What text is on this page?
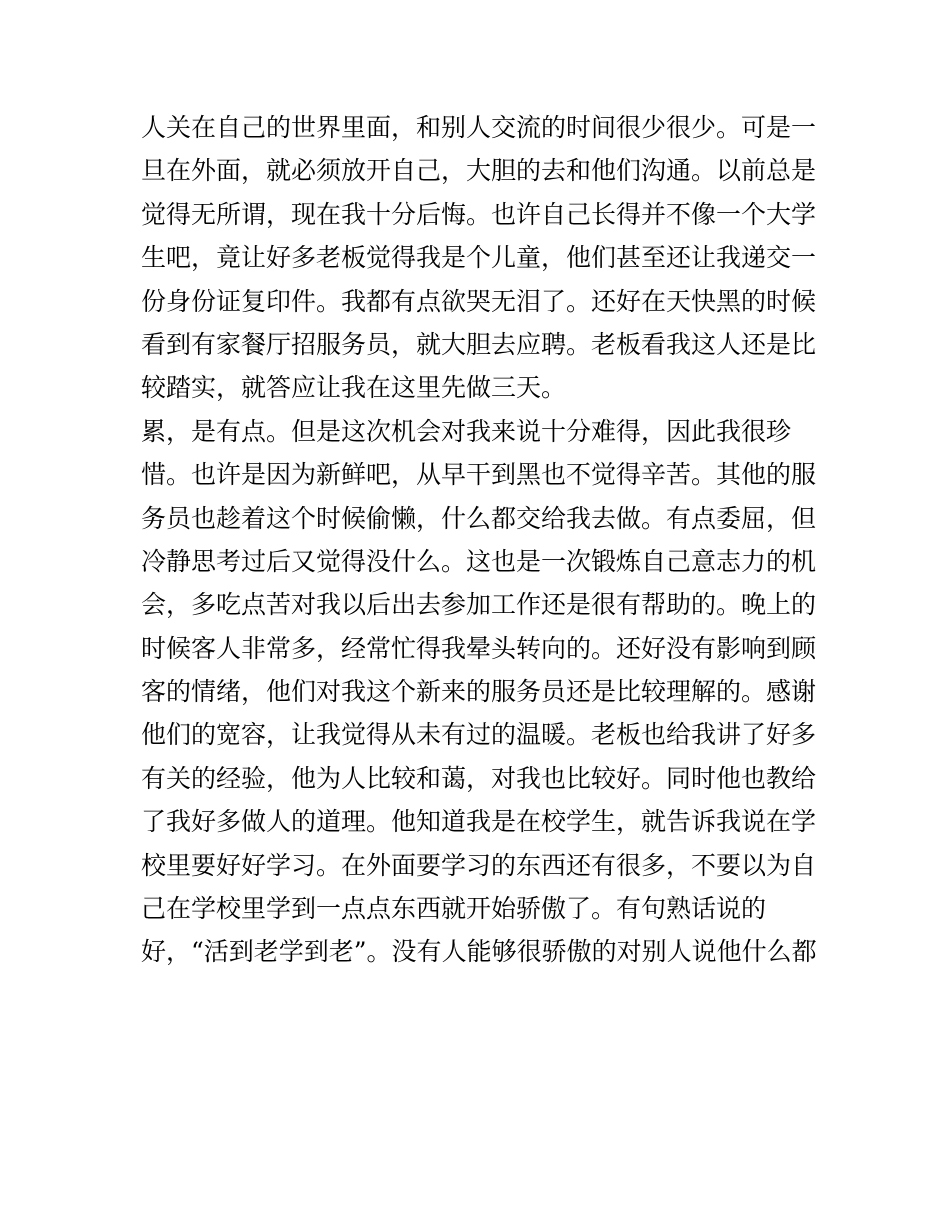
人关在自己的世界里面，和别人交流的时间很少很少。可是一
旦在外面，就必须放开自己，大胆的去和他们沟通。以前总是
觉得无所谓，现在我十分后悔。也许自己长得并不像一个大学
生吧，竟让好多老板觉得我是个儿童，他们甚至还让我递交一
份身份证复印件。我都有点欲哭无泪了。还好在天快黑的时候
看到有家餐厅招服务员，就大胆去应聘。老板看我这人还是比
较踏实，就答应让我在这里先做三天。
累，是有点。但是这次机会对我来说十分难得，因此我很珍
惜。也许是因为新鲜吧，从早干到黑也不觉得辛苦。其他的服
务员也趁着这个时候偷懒，什么都交给我去做。有点委屈，但
冷静思考过后又觉得没什么。这也是一次锻炼自己意志力的机
会，多吃点苦对我以后出去参加工作还是很有帮助的。晚上的
时候客人非常多，经常忙得我晕头转向的。还好没有影响到顾
客的情绪，他们对我这个新来的服务员还是比较理解的。感谢
他们的宽容，让我觉得从未有过的温暖。老板也给我讲了好多
有关的经验，他为人比较和蔼，对我也比较好。同时他也教给
了我好多做人的道理。他知道我是在校学生，就告诉我说在学
校里要好好学习。在外面要学习的东西还有很多，不要以为自
己在学校里学到一点点东西就开始骄傲了。有句熟话说的
好，“活到老学到老”。没有人能够很骄傲的对别人说他什么都
